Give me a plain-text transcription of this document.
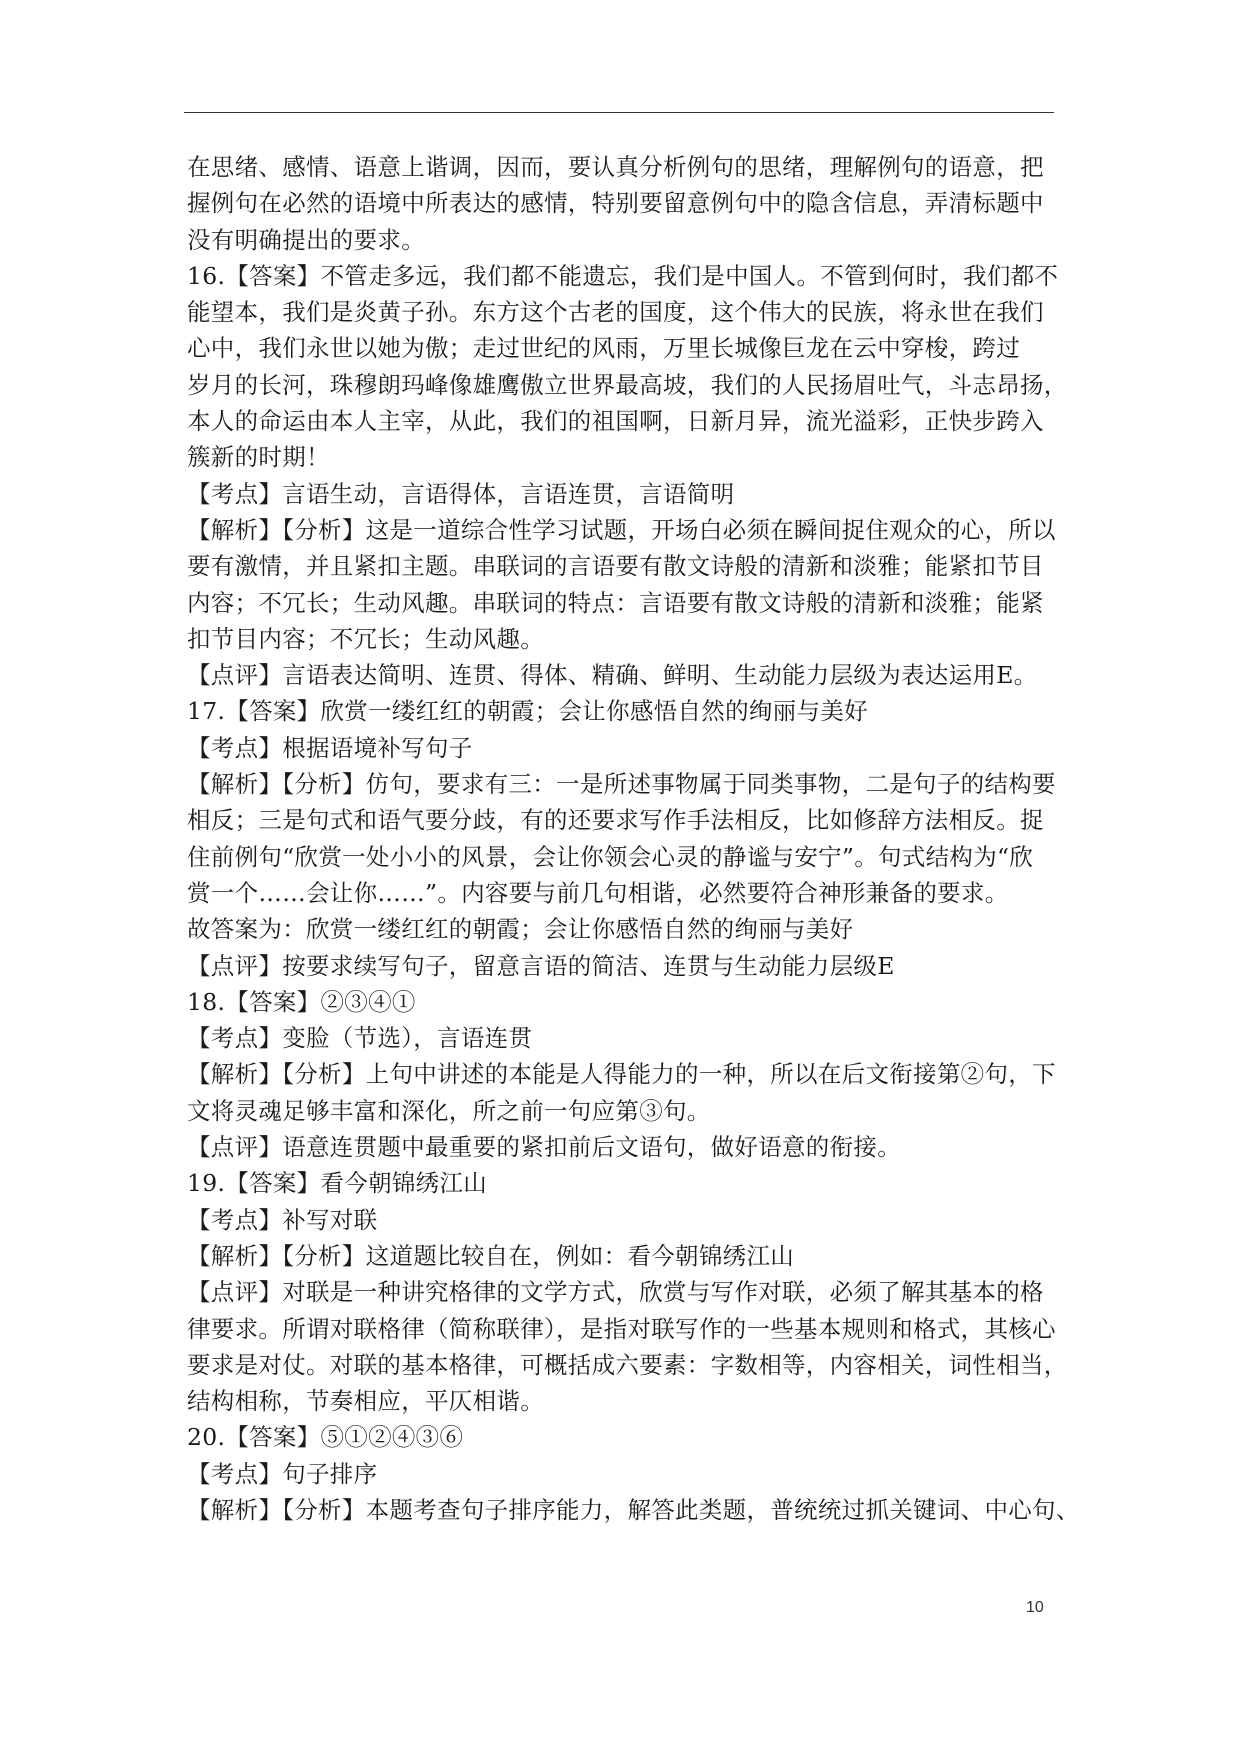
在思绪、感情、语意上谐调，因而，要认真分析例句的思绪，理解例句的语意，把
握例句在必然的语境中所表达的感情，特别要留意例句中的隐含信息，弄清标题中
没有明确提出的要求。
16.【答案】不管走多远，我们都不能遗忘，我们是中国人。不管到何时，我们都不
能望本，我们是炎黄子孙。东方这个古老的国度，这个伟大的民族，将永世在我们
心中，我们永世以她为傲；走过世纪的风雨，万里长城像巨龙在云中穿梭，跨过
岁月的长河，珠穆朗玛峰像雄鹰傲立世界最高坡，我们的人民扬眉吐气，斗志昂扬，
本人的命运由本人主宰，从此，我们的祖国啊，日新月异，流光溢彩，正快步跨入
簇新的时期！
【考点】言语生动，言语得体，言语连贯，言语简明
【解析】【分析】这是一道综合性学习试题，开场白必须在瞬间捉住观众的心，所以
要有激情，并且紧扣主题。串联词的言语要有散文诗般的清新和淡雅；能紧扣节目
内容；不冗长；生动风趣。串联词的特点：言语要有散文诗般的清新和淡雅；能紧
扣节目内容；不冗长；生动风趣。
【点评】言语表达简明、连贯、得体、精确、鲜明、生动能力层级为表达运用E。
17.【答案】欣赏一缕红红的朝霞；会让你感悟自然的绚丽与美好
【考点】根据语境补写句子
【解析】【分析】仿句，要求有三：一是所述事物属于同类事物，二是句子的结构要
相反；三是句式和语气要分歧，有的还要求写作手法相反，比如修辞方法相反。捉
住前例句“欣赏一处小小的风景，会让你领会心灵的静谧与安宁”。句式结构为“欣
赏一个……会让你……”。内容要与前几句相谐，必然要符合神形兼备的要求。
故答案为：欣赏一缕红红的朝霞；会让你感悟自然的绚丽与美好
【点评】按要求续写句子，留意言语的简洁、连贯与生动能力层级E
18.【答案】②③④①
【考点】变脸（节选），言语连贯
【解析】【分析】上句中讲述的本能是人得能力的一种，所以在后文衔接第②句，下
文将灵魂足够丰富和深化，所之前一句应第③句。
【点评】语意连贯题中最重要的紧扣前后文语句，做好语意的衔接。
19.【答案】看今朝锦绣江山
【考点】补写对联
【解析】【分析】这道题比较自在，例如：看今朝锦绣江山
【点评】对联是一种讲究格律的文学方式，欣赏与写作对联，必须了解其基本的格
律要求。所谓对联格律（简称联律），是指对联写作的一些基本规则和格式，其核心
要求是对仗。对联的基本格律，可概括成六要素：字数相等，内容相关，词性相当，
结构相称，节奏相应，平仄相谐。
20.【答案】⑤①②④③⑥
【考点】句子排序
【解析】【分析】本题考查句子排序能力，解答此类题，普统统过抓关键词、中心句、
10
